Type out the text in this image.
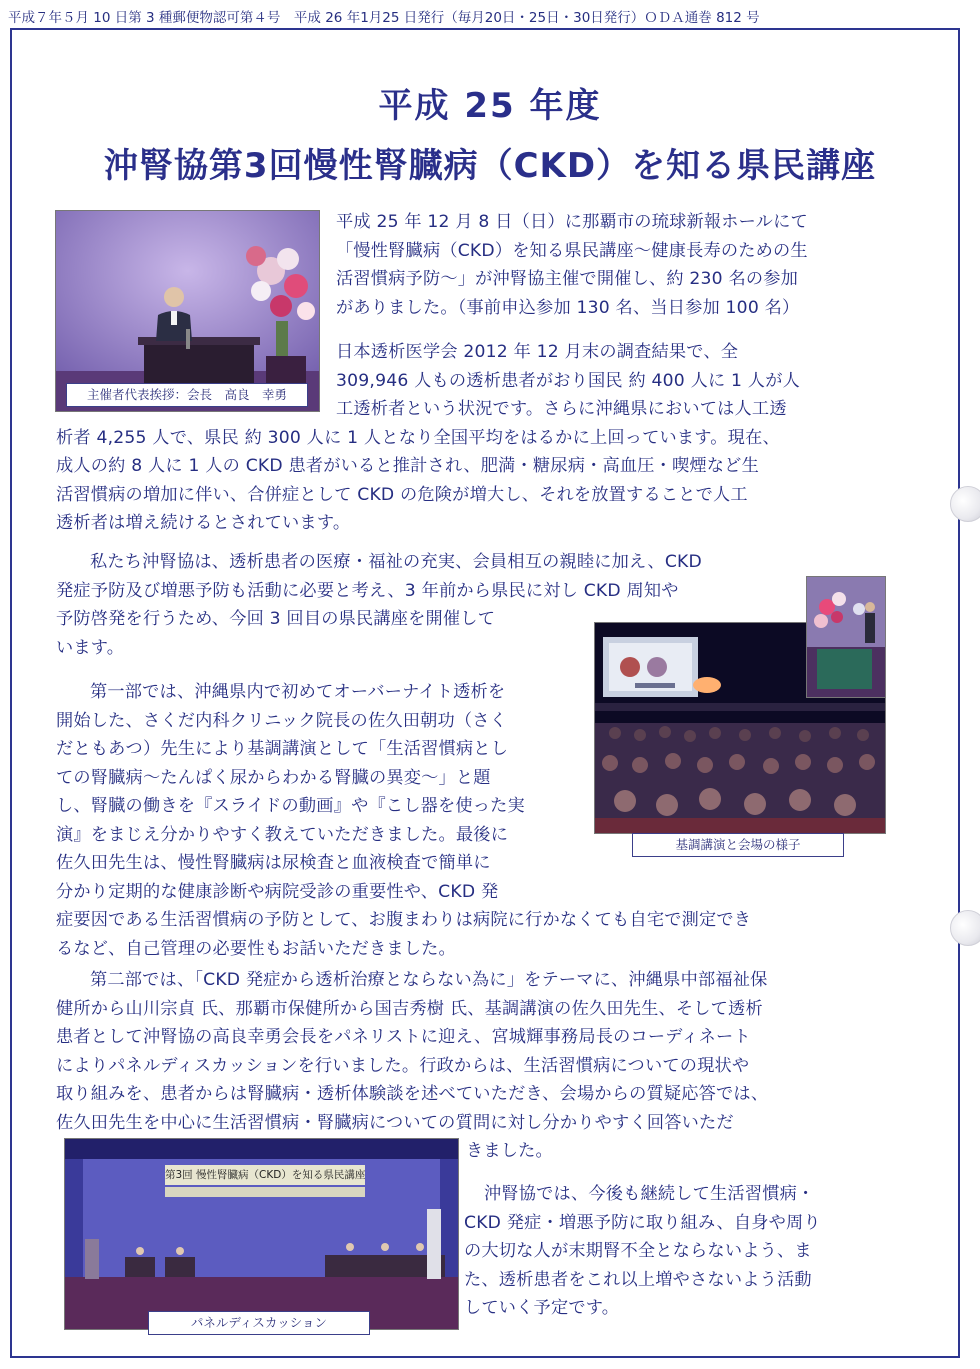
平成７年５月 10 日第 3 種郵便物認可第４号　平成 26 年1月25 日発行（毎月20日・25日・30日発行）ＯＤＡ通巻 812 号
平成 25 年度
沖腎協第3回慢性腎臓病（CKD）を知る県民講座
主催者代表挨拶：会長　高良　幸勇
基調講演と会場の様子
第3回 慢性腎臓病（CKD）を知る県民講座
パネルディスカッション
平成 25 年 12 月 8 日（日）に那覇市の琉球新報ホールにて
「慢性腎臓病（CKD）を知る県民講座～健康長寿のための生
活習慣病予防～」が沖腎協主催で開催し、約 230 名の参加
がありました。（事前申込参加 130 名、当日参加 100 名）
日本透析医学会 2012 年 12 月末の調査結果で、全
309,946 人もの透析患者がおり国民 約 400 人に 1 人が人
工透析者という状況です。さらに沖縄県においては人工透
析者 4,255 人で、県民 約 300 人に 1 人となり全国平均をはるかに上回っています。現在、
成人の約 8 人に 1 人の CKD 患者がいると推計され、肥満・糖尿病・高血圧・喫煙など生
活習慣病の増加に伴い、合併症として CKD の危険が増大し、それを放置することで人工
透析者は増え続けるとされています。
私たち沖腎協は、透析患者の医療・福祉の充実、会員相互の親睦に加え、CKD
発症予防及び増悪予防も活動に必要と考え、3 年前から県民に対し CKD 周知や
予防啓発を行うため、今回 3 回目の県民講座を開催して
います。
第一部では、沖縄県内で初めてオーバーナイト透析を
開始した、さくだ内科クリニック院長の佐久田朝功（さく
だともあつ）先生により基調講演として「生活習慣病とし
ての腎臓病～たんぱく尿からわかる腎臓の異変～」と題
し、腎臓の働きを『スライドの動画』や『こし器を使った実
演』をまじえ分かりやすく教えていただきました。最後に
佐久田先生は、慢性腎臓病は尿検査と血液検査で簡単に
分かり定期的な健康診断や病院受診の重要性や、CKD 発
症要因である生活習慣病の予防として、お腹まわりは病院に行かなくても自宅で測定でき
るなど、自己管理の必要性もお話いただきました。
第二部では、「CKD 発症から透析治療とならない為に」をテーマに、沖縄県中部福祉保
健所から山川宗貞 氏、那覇市保健所から国吉秀樹 氏、基調講演の佐久田先生、そして透析
患者として沖腎協の高良幸勇会長をパネリストに迎え、宮城輝事務局長のコーディネート
によりパネルディスカッションを行いました。行政からは、生活習慣病についての現状や
取り組みを、患者からは腎臓病・透析体験談を述べていただき、会場からの質疑応答では、
佐久田先生を中心に生活習慣病・腎臓病についての質問に対し分かりやすく回答いただ
きました。
沖腎協では、今後も継続して生活習慣病・
CKD 発症・増悪予防に取り組み、自身や周り
の大切な人が末期腎不全とならないよう、ま
た、透析患者をこれ以上増やさないよう活動
していく予定です。
